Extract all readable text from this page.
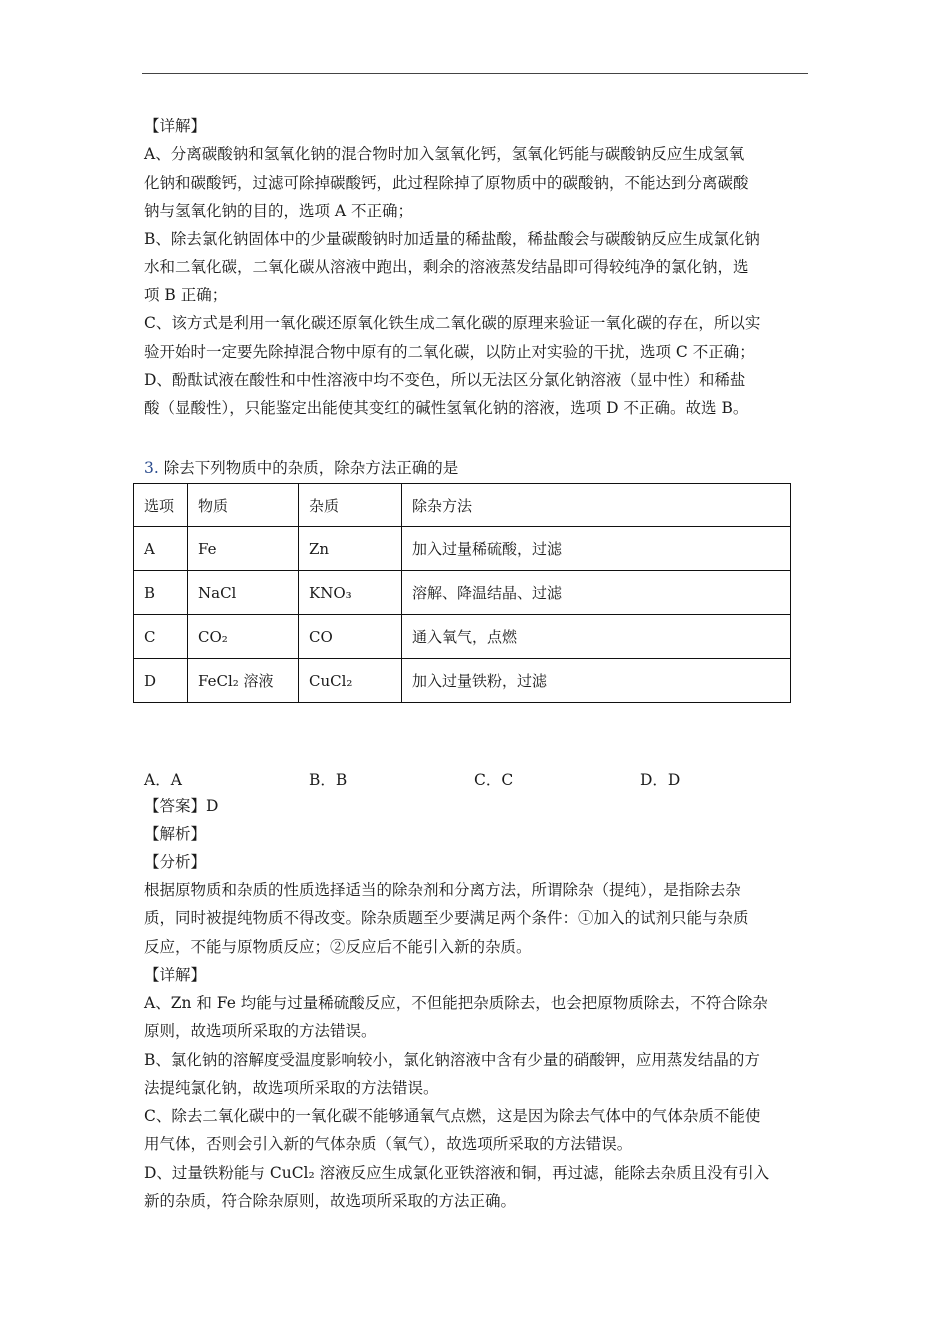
【详解】
A、分离碳酸钠和氢氧化钠的混合物时加入氢氧化钙，氢氧化钙能与碳酸钠反应生成氢氧
化钠和碳酸钙，过滤可除掉碳酸钙，此过程除掉了原物质中的碳酸钠，不能达到分离碳酸
钠与氢氧化钠的目的，选项 A 不正确；
B、除去氯化钠固体中的少量碳酸钠时加适量的稀盐酸，稀盐酸会与碳酸钠反应生成氯化钠
水和二氧化碳，二氧化碳从溶液中跑出，剩余的溶液蒸发结晶即可得较纯净的氯化钠，选
项 B 正确；
C、该方式是利用一氧化碳还原氧化铁生成二氧化碳的原理来验证一氧化碳的存在，所以实
验开始时一定要先除掉混合物中原有的二氧化碳，以防止对实验的干扰，选项 C 不正确；
D、酚酞试液在酸性和中性溶液中均不变色，所以无法区分氯化钠溶液（显中性）和稀盐
酸（显酸性），只能鉴定出能使其变红的碱性氢氧化钠的溶液，选项 D 不正确。故选 B。
3. 除去下列物质中的杂质，除杂方法正确的是
选项	物质	杂质	除杂方法
A	Fe	Zn	加入过量稀硫酸，过滤
B	NaCl	KNO₃	溶解、降温结晶、过滤
C	CO₂	CO	通入氧气，点燃
D	FeCl₂ 溶液	CuCl₂	加入过量铁粉，过滤
A．A	B．B	C．C	D．D
【答案】D
【解析】
【分析】
根据原物质和杂质的性质选择适当的除杂剂和分离方法，所谓除杂（提纯），是指除去杂
质，同时被提纯物质不得改变。除杂质题至少要满足两个条件：①加入的试剂只能与杂质
反应，不能与原物质反应；②反应后不能引入新的杂质。
【详解】
A、Zn 和 Fe 均能与过量稀硫酸反应，不但能把杂质除去，也会把原物质除去，不符合除杂
原则，故选项所采取的方法错误。
B、氯化钠的溶解度受温度影响较小，氯化钠溶液中含有少量的硝酸钾，应用蒸发结晶的方
法提纯氯化钠，故选项所采取的方法错误。
C、除去二氧化碳中的一氧化碳不能够通氧气点燃，这是因为除去气体中的气体杂质不能使
用气体，否则会引入新的气体杂质（氧气），故选项所采取的方法错误。
D、过量铁粉能与 CuCl₂ 溶液反应生成氯化亚铁溶液和铜，再过滤，能除去杂质且没有引入
新的杂质，符合除杂原则，故选项所采取的方法正确。
